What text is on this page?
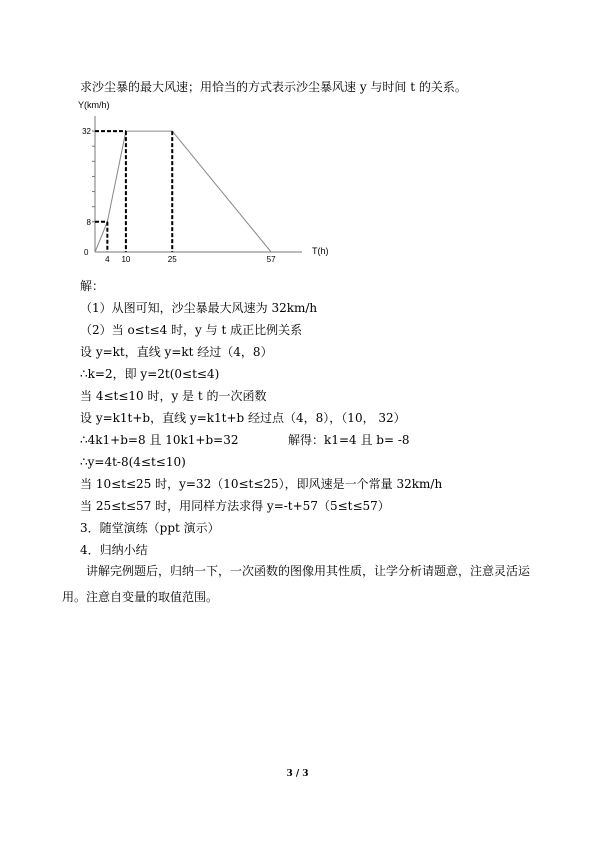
求沙尘暴的最大风速；用恰当的方式表示沙尘暴风速 y 与时间 t 的关系。
Y(km/h)
T(h)
0
32
8
4 10	25	57
解：
（1）从图可知，沙尘暴最大风速为 32km/h
（2）当 o≤t≤4 时，y 与 t 成正比例关系
设 y=kt，直线 y=kt 经过（4，8）
∴k=2，即 y=2t(0≤t≤4)
当 4≤t≤10 时，y 是 t 的一次函数
设 y=k1t+b，直线 y=k1t+b 经过点（4，8），（10， 32）
∴4k1+b=8 且 10k1+b=32             解得：k1=4 且 b= -8
∴y=4t-8(4≤t≤10)
当 10≤t≤25 时，y=32（10≤t≤25），即风速是一个常量 32km/h
当 25≤t≤57 时，用同样方法求得 y=-t+57（5≤t≤57）
3．随堂演练（ppt 演示）
4．归纳小结
讲解完例题后，归纳一下，一次函数的图像用其性质，让学分析请题意，注意灵活运用。注意自变量的取值范围。
3 / 3
